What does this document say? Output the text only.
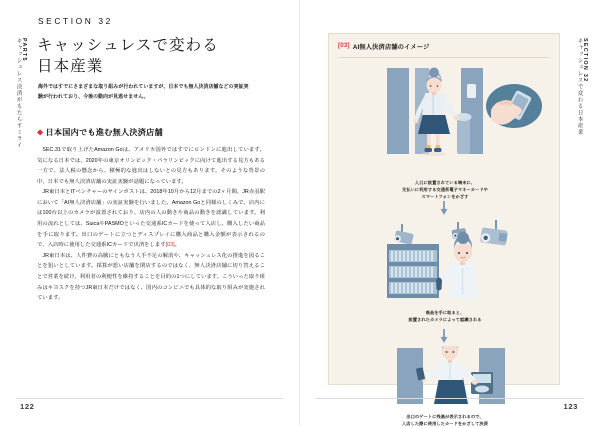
PART5
キャッシュレス決済がもたらすミライ
SECTION 32
キャッシュレスで変わる
日本産業
海外ではすでにさまざまな取り組みが行われていますが、日本でも無人決済店舗などの実証実験が行われており、今後の動向が見逃せません。
◆ 日本国内でも進む無人決済店舗

SEC.31で取り上げたAmazon Goは、アメリカ国外ではすでにロンドンに進出しています。気になる日本では、2020年の東京オリンピック・パラリンピックに向けて進出する見方もある一方で、法人税の懸念から、積極的な進出はしないとの見方もあります。そのような背景の中、日本でも無人決済店舗の実証実験が話題になっています。

JR東日本とITベンチャーのサインポストは、2018年10月から12月までの2ヶ月間、JR赤羽駅において「AI無人決済店舗」の実証実験を行いました。Amazon Goと同様のしくみで、店内には100台以上のカメラが設置されており、店内の人の動きや商品の動きを認識しています。利用の流れとしては、SuicaやPASMOといった交通系ICカードを使って入店し、購入したい商品を手に取ります。出口のゲートに立つとディスプレイに購入商品と購入金額が表示されるので、入店時に使用した交通系ICカードで決済をします[03]。

JR東日本は、人件費の高騰にともなう人手不足の解消や、キャッシュレス化の推進を図ることを狙いとしています。採算が悪い店舗を閉店するのではなく、無人決済店舗に切り替えることで営業を続け、利用者の利便性を維持することを目的の1つにしています。こういった取り組みはキヨスクを持つJR東日本だけではなく、国内のコンビニでも具体的な取り組みが実施されています。

122
SECTION 32
キャッシュレスで変わる日本産業
[03] AI無人決済店舗のイメージ
入口に設置されている端末に、
支払いに利用する交通系電子マネーカードや
スマートフォンをかざす
商品を手に取ると、
設置されたカメラによって認識される
出口のゲートに残高が表示されるので、
入店した際に使用したカードをかざして決済
123
